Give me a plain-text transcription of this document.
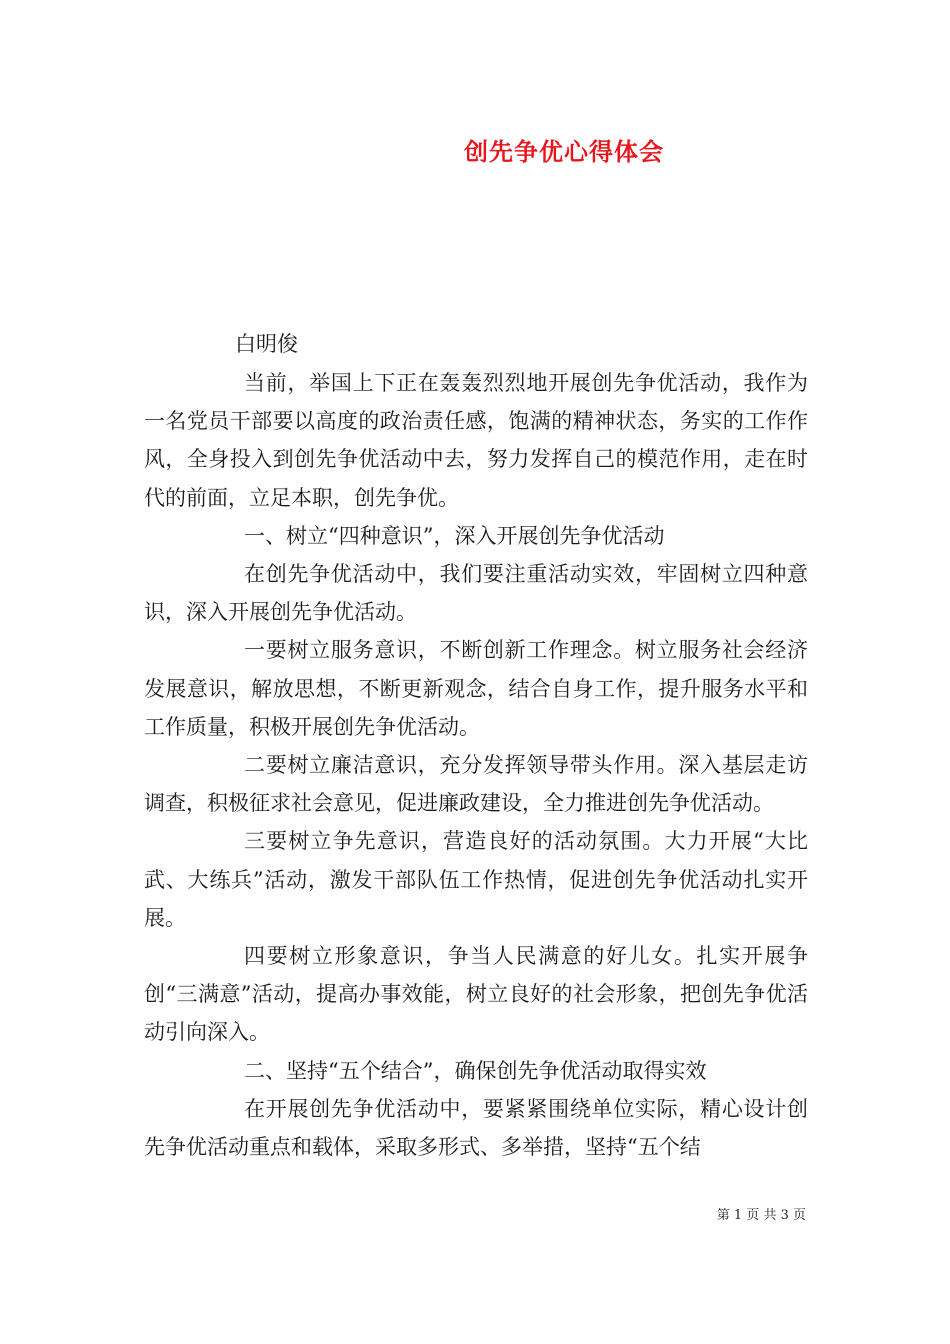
创先争优心得体会
白明俊

当前，举国上下正在轰轰烈烈地开展创先争优活动，我作为一名党员干部要以高度的政治责任感，饱满的精神状态，务实的工作作风，全身投入到创先争优活动中去，努力发挥自己的模范作用，走在时代的前面，立足本职，创先争优。

一、树立“四种意识”，深入开展创先争优活动

在创先争优活动中，我们要注重活动实效，牢固树立四种意识，深入开展创先争优活动。

一要树立服务意识，不断创新工作理念。树立服务社会经济发展意识，解放思想，不断更新观念，结合自身工作，提升服务水平和工作质量，积极开展创先争优活动。

二要树立廉洁意识，充分发挥领导带头作用。深入基层走访调查，积极征求社会意见，促进廉政建设，全力推进创先争优活动。

三要树立争先意识，营造良好的活动氛围。大力开展“大比武、大练兵”活动，激发干部队伍工作热情，促进创先争优活动扎实开展。

四要树立形象意识，争当人民满意的好儿女。扎实开展争创“三满意”活动，提高办事效能，树立良好的社会形象，把创先争优活动引向深入。

二、坚持“五个结合”，确保创先争优活动取得实效

在开展创先争优活动中，要紧紧围绕单位实际，精心设计创先争优活动重点和载体，采取多形式、多举措，坚持“五个结

第 1 页 共 3 页
